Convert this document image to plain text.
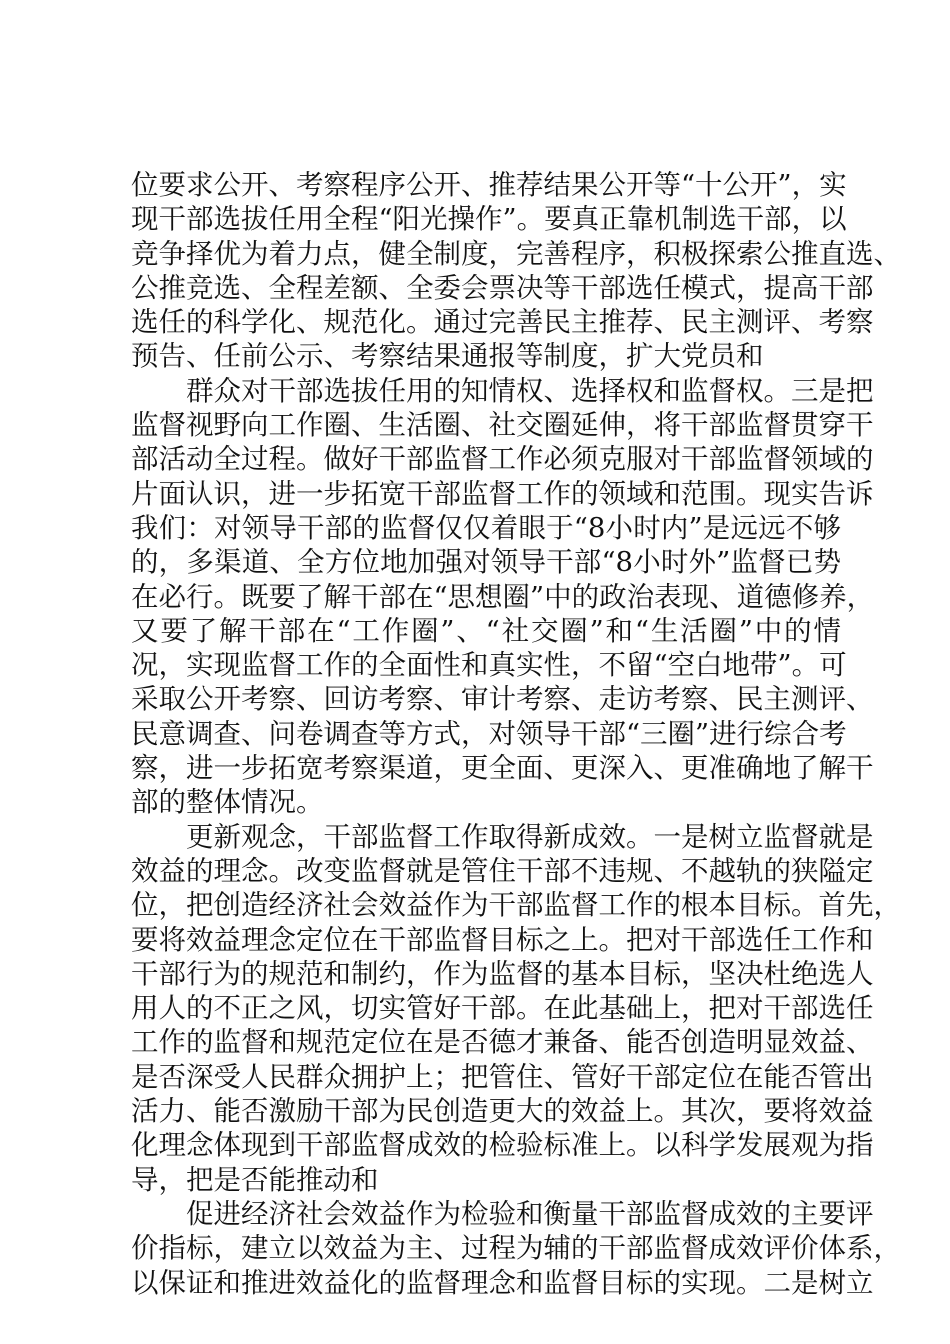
位要求公开、考察程序公开、推荐结果公开等“十公开”，实
现干部选拔任用全程“阳光操作”。要真正靠机制选干部，以
竞争择优为着力点，健全制度，完善程序，积极探索公推直选、
公推竞选、全程差额、全委会票决等干部选任模式，提高干部
选任的科学化、规范化。通过完善民主推荐、民主测评、考察
预告、任前公示、考察结果通报等制度，扩大党员和
群众对干部选拔任用的知情权、选择权和监督权。三是把
监督视野向工作圈、生活圈、社交圈延伸，将干部监督贯穿干
部活动全过程。做好干部监督工作必须克服对干部监督领域的
片面认识，进一步拓宽干部监督工作的领域和范围。现实告诉
我们：对领导干部的监督仅仅着眼于“8小时内”是远远不够
的，多渠道、全方位地加强对领导干部“8小时外”监督已势
在必行。既要了解干部在“思想圈”中的政治表现、道德修养，
又要了解干部在“工作圈”、“社交圈”和“生活圈”中的情
况，实现监督工作的全面性和真实性，不留“空白地带”。可
采取公开考察、回访考察、审计考察、走访考察、民主测评、
民意调查、问卷调查等方式，对领导干部“三圈”进行综合考
察，进一步拓宽考察渠道，更全面、更深入、更准确地了解干
部的整体情况。
更新观念，干部监督工作取得新成效。一是树立监督就是
效益的理念。改变监督就是管住干部不违规、不越轨的狭隘定
位，把创造经济社会效益作为干部监督工作的根本目标。首先，
要将效益理念定位在干部监督目标之上。把对干部选任工作和
干部行为的规范和制约，作为监督的基本目标，坚决杜绝选人
用人的不正之风，切实管好干部。在此基础上，把对干部选任
工作的监督和规范定位在是否德才兼备、能否创造明显效益、
是否深受人民群众拥护上；把管住、管好干部定位在能否管出
活力、能否激励干部为民创造更大的效益上。其次，要将效益
化理念体现到干部监督成效的检验标准上。以科学发展观为指
导，把是否能推动和
促进经济社会效益作为检验和衡量干部监督成效的主要评
价指标，建立以效益为主、过程为辅的干部监督成效评价体系，
以保证和推进效益化的监督理念和监督目标的实现。二是树立
